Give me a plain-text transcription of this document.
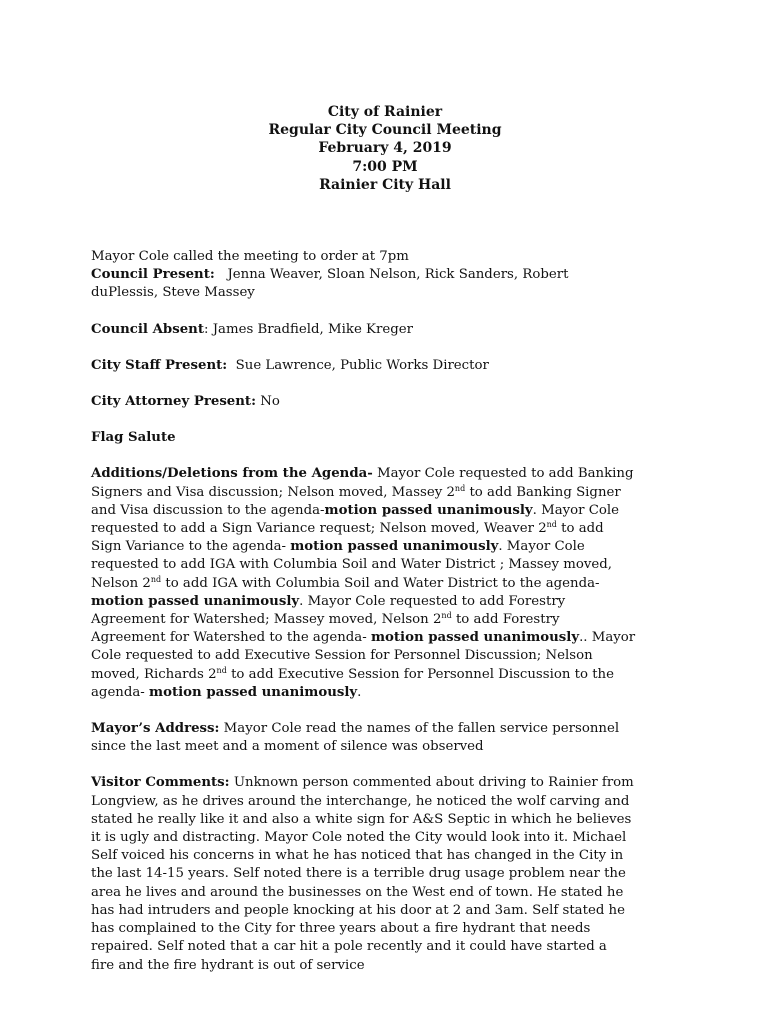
City of Rainier
Regular City Council Meeting
February 4, 2019
7:00 PM
Rainier City Hall
Mayor Cole called the meeting to order at 7pm
Council Present: Jenna Weaver, Sloan Nelson, Rick Sanders, Robert
duPlessis, Steve Massey
Council Absent: James Bradfield, Mike Kreger
City Staff Present: Sue Lawrence, Public Works Director
City Attorney Present: No
Flag Salute
Additions/Deletions from the Agenda- Mayor Cole requested to add Banking
Signers and Visa discussion; Nelson moved, Massey 2nd to add Banking Signer
and Visa discussion to the agenda-motion passed unanimously. Mayor Cole
requested to add a Sign Variance request; Nelson moved, Weaver 2nd to add
Sign Variance to the agenda- motion passed unanimously. Mayor Cole
requested to add IGA with Columbia Soil and Water District ; Massey moved,
Nelson 2nd to add IGA with Columbia Soil and Water District to the agenda-
motion passed unanimously. Mayor Cole requested to add Forestry
Agreement for Watershed; Massey moved, Nelson 2nd to add Forestry
Agreement for Watershed to the agenda- motion passed unanimously.. Mayor
Cole requested to add Executive Session for Personnel Discussion; Nelson
moved, Richards 2nd to add Executive Session for Personnel Discussion to the
agenda- motion passed unanimously.
Mayor’s Address: Mayor Cole read the names of the fallen service personnel
since the last meet and a moment of silence was observed
Visitor Comments: Unknown person commented about driving to Rainier from
Longview, as he drives around the interchange, he noticed the wolf carving and
stated he really like it and also a white sign for A&S Septic in which he believes
it is ugly and distracting. Mayor Cole noted the City would look into it. Michael
Self voiced his concerns in what he has noticed that has changed in the City in
the last 14-15 years. Self noted there is a terrible drug usage problem near the
area he lives and around the businesses on the West end of town. He stated he
has had intruders and people knocking at his door at 2 and 3am. Self stated he
has complained to the City for three years about a fire hydrant that needs
repaired. Self noted that a car hit a pole recently and it could have started a
fire and the fire hydrant is out of service
